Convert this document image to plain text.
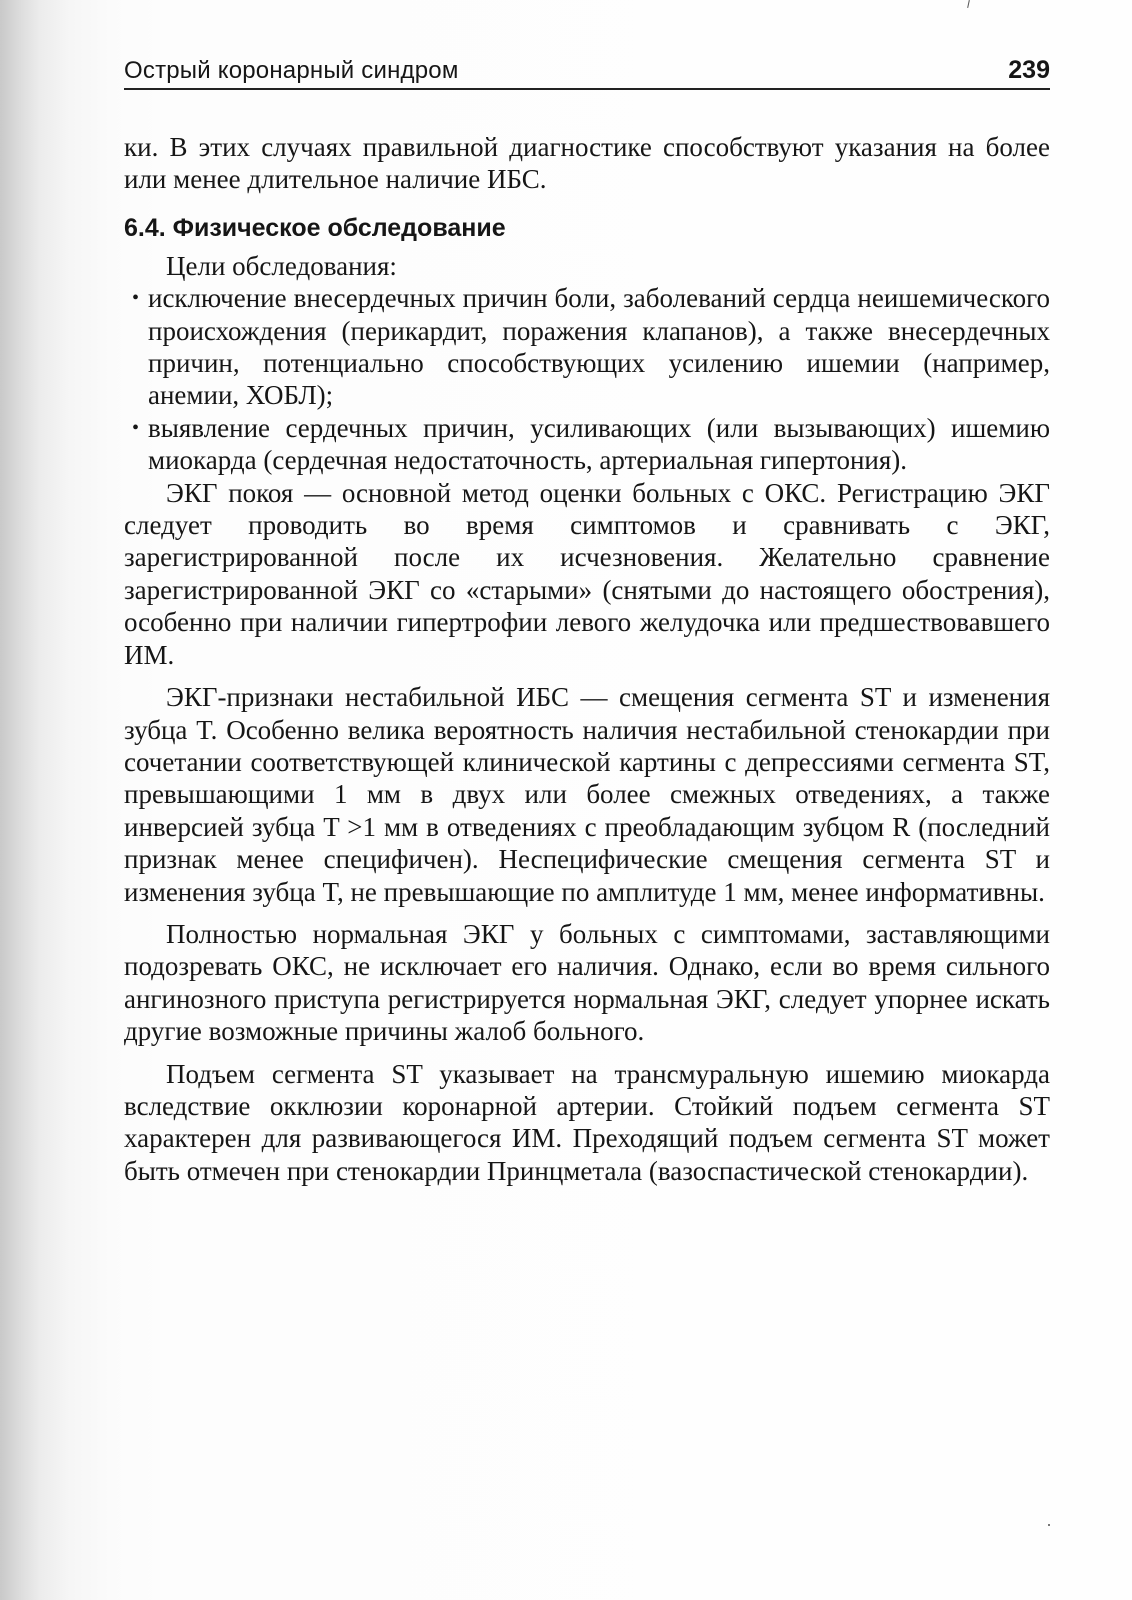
Острый коронарный синдром	239

ки. В этих случаях правильной диагностике способствуют указания на более или менее длительное наличие ИБС.

6.4. Физическое обследование

Цели обследования:

• исключение внесердечных причин боли, заболеваний сердца неишемического происхождения (перикардит, поражения клапанов), а также внесердечных причин, потенциально способствующих усилению ишемии (например, анемии, ХОБЛ);
• выявление сердечных причин, усиливающих (или вызывающих) ишемию миокарда (сердечная недостаточность, артериальная гипертония).

ЭКГ покоя — основной метод оценки больных с ОКС. Регистрацию ЭКГ следует проводить во время симптомов и сравнивать с ЭКГ, зарегистрированной после их исчезновения. Желательно сравнение зарегистрированной ЭКГ со «старыми» (снятыми до настоящего обострения), особенно при наличии гипертрофии левого желудочка или предшествовавшего ИМ.

ЭКГ-признаки нестабильной ИБС — смещения сегмента ST и изменения зубца T. Особенно велика вероятность наличия нестабильной стенокардии при сочетании соответствующей клинической картины с депрессиями сегмента ST, превышающими 1 мм в двух или более смежных отведениях, а также инверсией зубца T >1 мм в отведениях с преобладающим зубцом R (последний признак менее специфичен). Неспецифические смещения сегмента ST и изменения зубца T, не превышающие по амплитуде 1 мм, менее информативны.

Полностью нормальная ЭКГ у больных с симптомами, заставляющими подозревать ОКС, не исключает его наличия. Однако, если во время сильного ангинозного приступа регистрируется нормальная ЭКГ, следует упорнее искать другие возможные причины жалоб больного.

Подъем сегмента ST указывает на трансмуральную ишемию миокарда вследствие окклюзии коронарной артерии. Стойкий подъем сегмента ST характерен для развивающегося ИМ. Преходящий подъем сегмента ST может быть отмечен при стенокардии Принцметала (вазоспастической стенокардии).
